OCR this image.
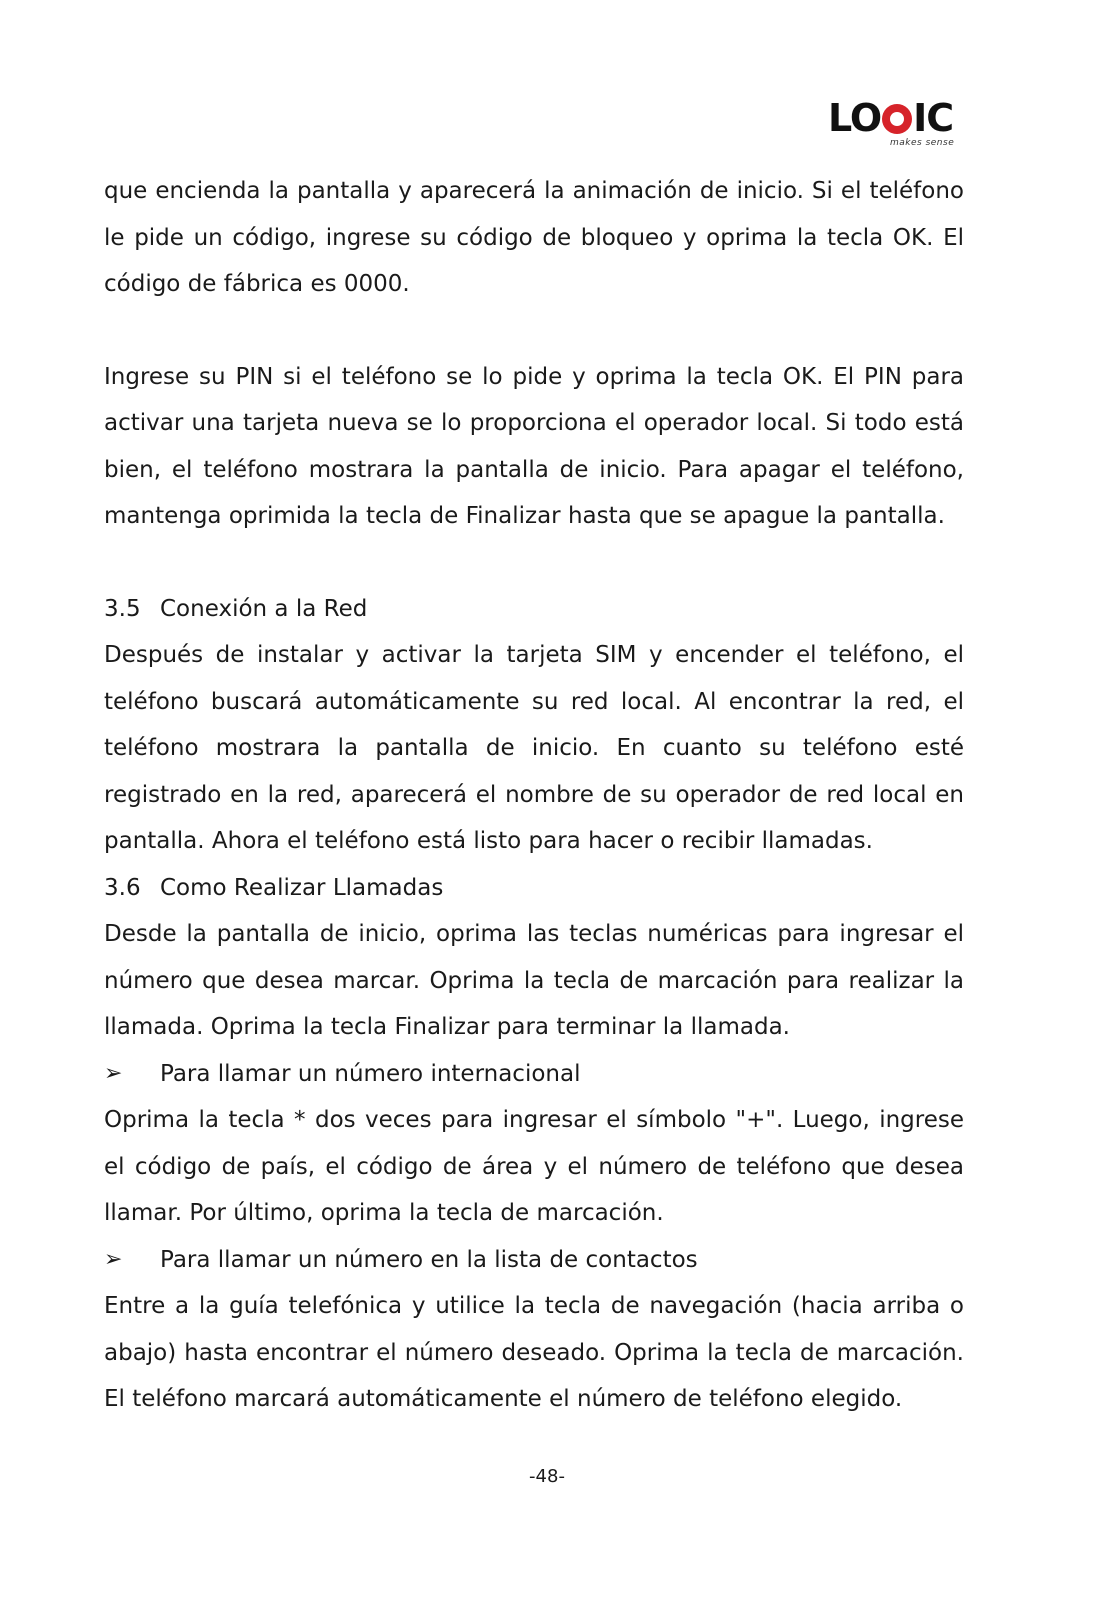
LO IC
makes sense

que encienda la pantalla y aparecerá la animación de inicio. Si el teléfono le pide un código, ingrese su código de bloqueo y oprima la tecla OK. El código de fábrica es 0000.

Ingrese su PIN si el teléfono se lo pide y oprima la tecla OK. El PIN para activar una tarjeta nueva se lo proporciona el operador local. Si todo está bien, el teléfono mostrara la pantalla de inicio. Para apagar el teléfono, mantenga oprimida la tecla de Finalizar hasta que se apague la pantalla.

3.5 Conexión a la Red

Después de instalar y activar la tarjeta SIM y encender el teléfono, el teléfono buscará automáticamente su red local. Al encontrar la red, el teléfono mostrara la pantalla de inicio. En cuanto su teléfono esté registrado en la red, aparecerá el nombre de su operador de red local en pantalla. Ahora el teléfono está listo para hacer o recibir llamadas.

3.6 Como Realizar Llamadas

Desde la pantalla de inicio, oprima las teclas numéricas para ingresar el número que desea marcar. Oprima la tecla de marcación para realizar la llamada. Oprima la tecla Finalizar para terminar la llamada.

➢	Para llamar un número internacional

Oprima la tecla * dos veces para ingresar el símbolo "+". Luego, ingrese el código de país, el código de área y el número de teléfono que desea llamar. Por último, oprima la tecla de marcación.

➢	Para llamar un número en la lista de contactos

Entre a la guía telefónica y utilice la tecla de navegación (hacia arriba o abajo) hasta encontrar el número deseado. Oprima la tecla de marcación. El teléfono marcará automáticamente el número de teléfono elegido.

-48-
